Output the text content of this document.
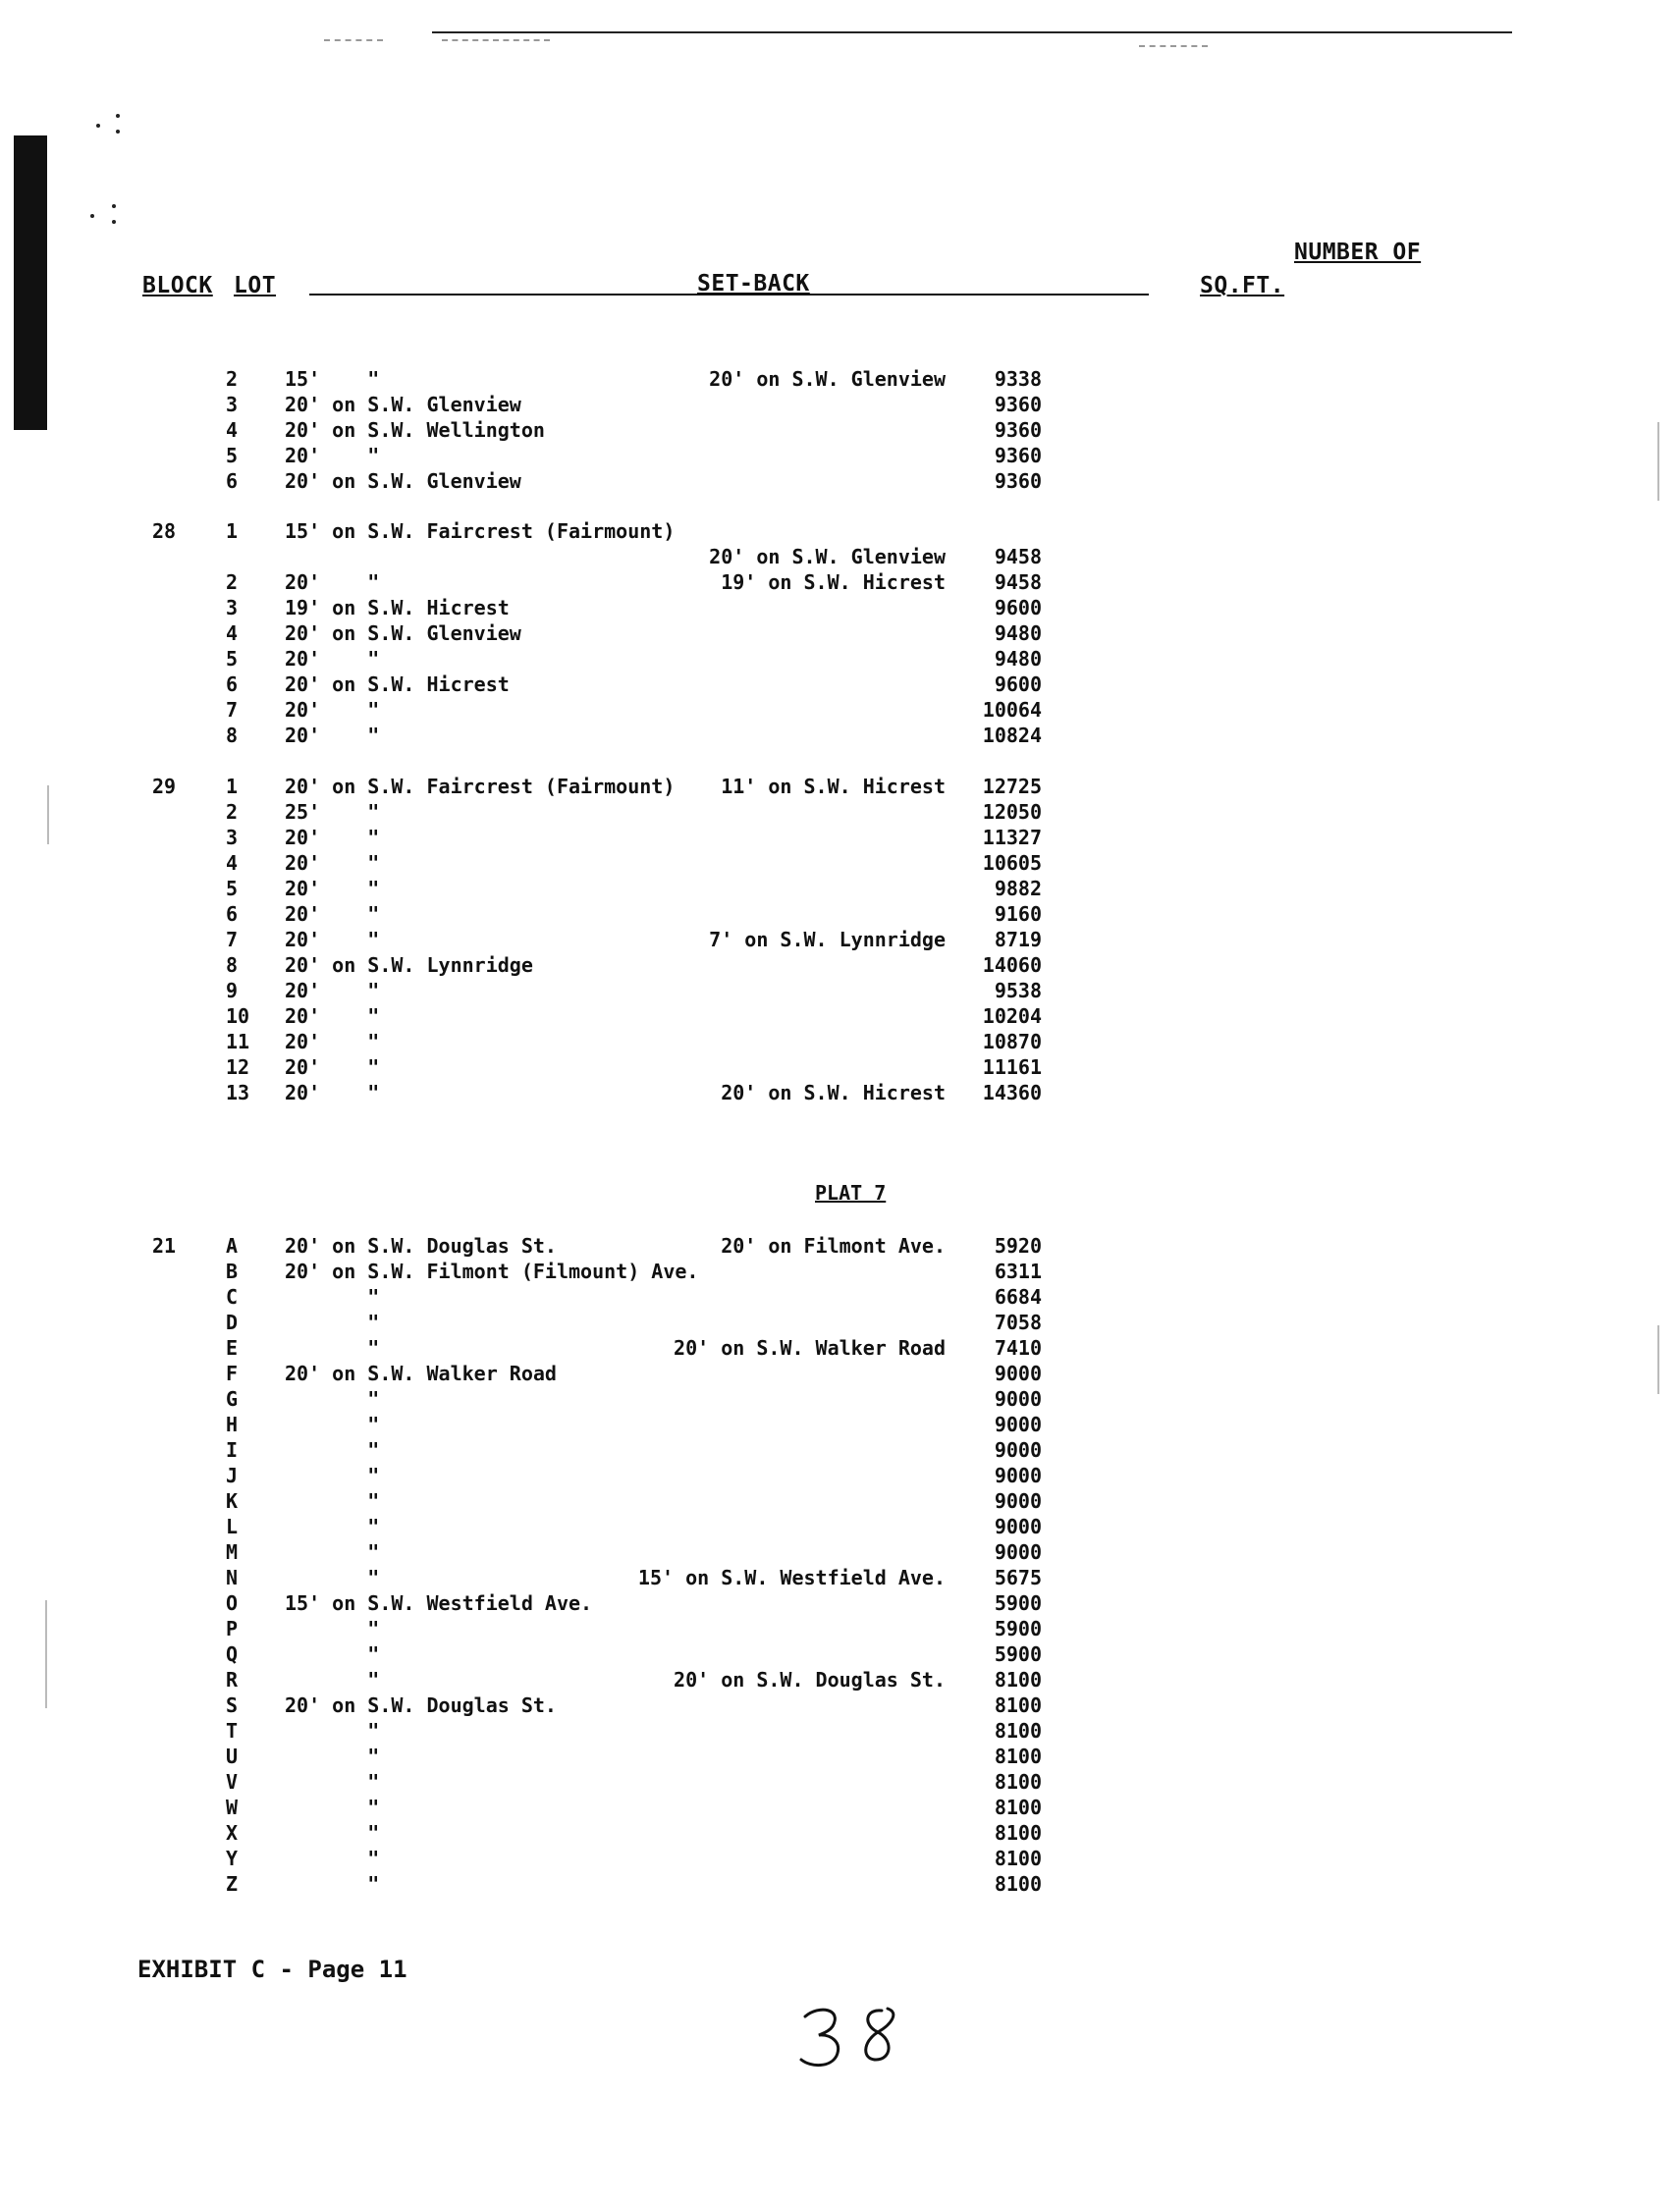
BLOCK LOT	SET-BACK
NUMBER OF
SQ.FT.
2 15'    "	20' on S.W. Glenview 9338
3 20' on S.W. Glenview	9360
4 20' on S.W. Wellington	9360
5 20'    "	9360
6 20' on S.W. Glenview	9360
28	1 15' on S.W. Faircrest (Fairmount)
20' on S.W. Glenview 9458
2 20'    "	19' on S.W. Hicrest 9458
3 19' on S.W. Hicrest	9600
4 20' on S.W. Glenview	9480
5 20'    "	9480
6 20' on S.W. Hicrest	9600
7 20'    "	10064
8 20'    "	10824
29	1 20' on S.W. Faircrest (Fairmount) 11' on S.W. Hicrest 12725
2 25'    "	12050
3 20'    "	11327
4 20'    "	10605
5 20'    "	9882
6 20'    "	9160
7 20'    "	7' on S.W. Lynnridge 8719
8 20' on S.W. Lynnridge	14060
9 20'    "	9538
10 20'    "	10204
11 20'    "	10870
12 20'    "	11161
13 20'    "	20' on S.W. Hicrest 14360
21	A 20' on S.W. Douglas St.	20' on Filmont Ave. 5920
B 20' on S.W. Filmont (Filmount) Ave.	6311
C "	6684
D "	7058
E "	20' on S.W. Walker Road 7410
F 20' on S.W. Walker Road	9000
G "	9000
H "	9000
I "	9000
J "	9000
K "	9000
L "	9000
M "	9000
N "	15' on S.W. Westfield Ave. 5675
O 15' on S.W. Westfield Ave.	5900
P "	5900
Q "	5900
R "	20' on S.W. Douglas St. 8100
S 20' on S.W. Douglas St.	8100
T "	8100
U "	8100
V "	8100
W "	8100
X "	8100
Y "	8100
Z "	8100
PLAT 7
EXHIBIT C - Page 11
